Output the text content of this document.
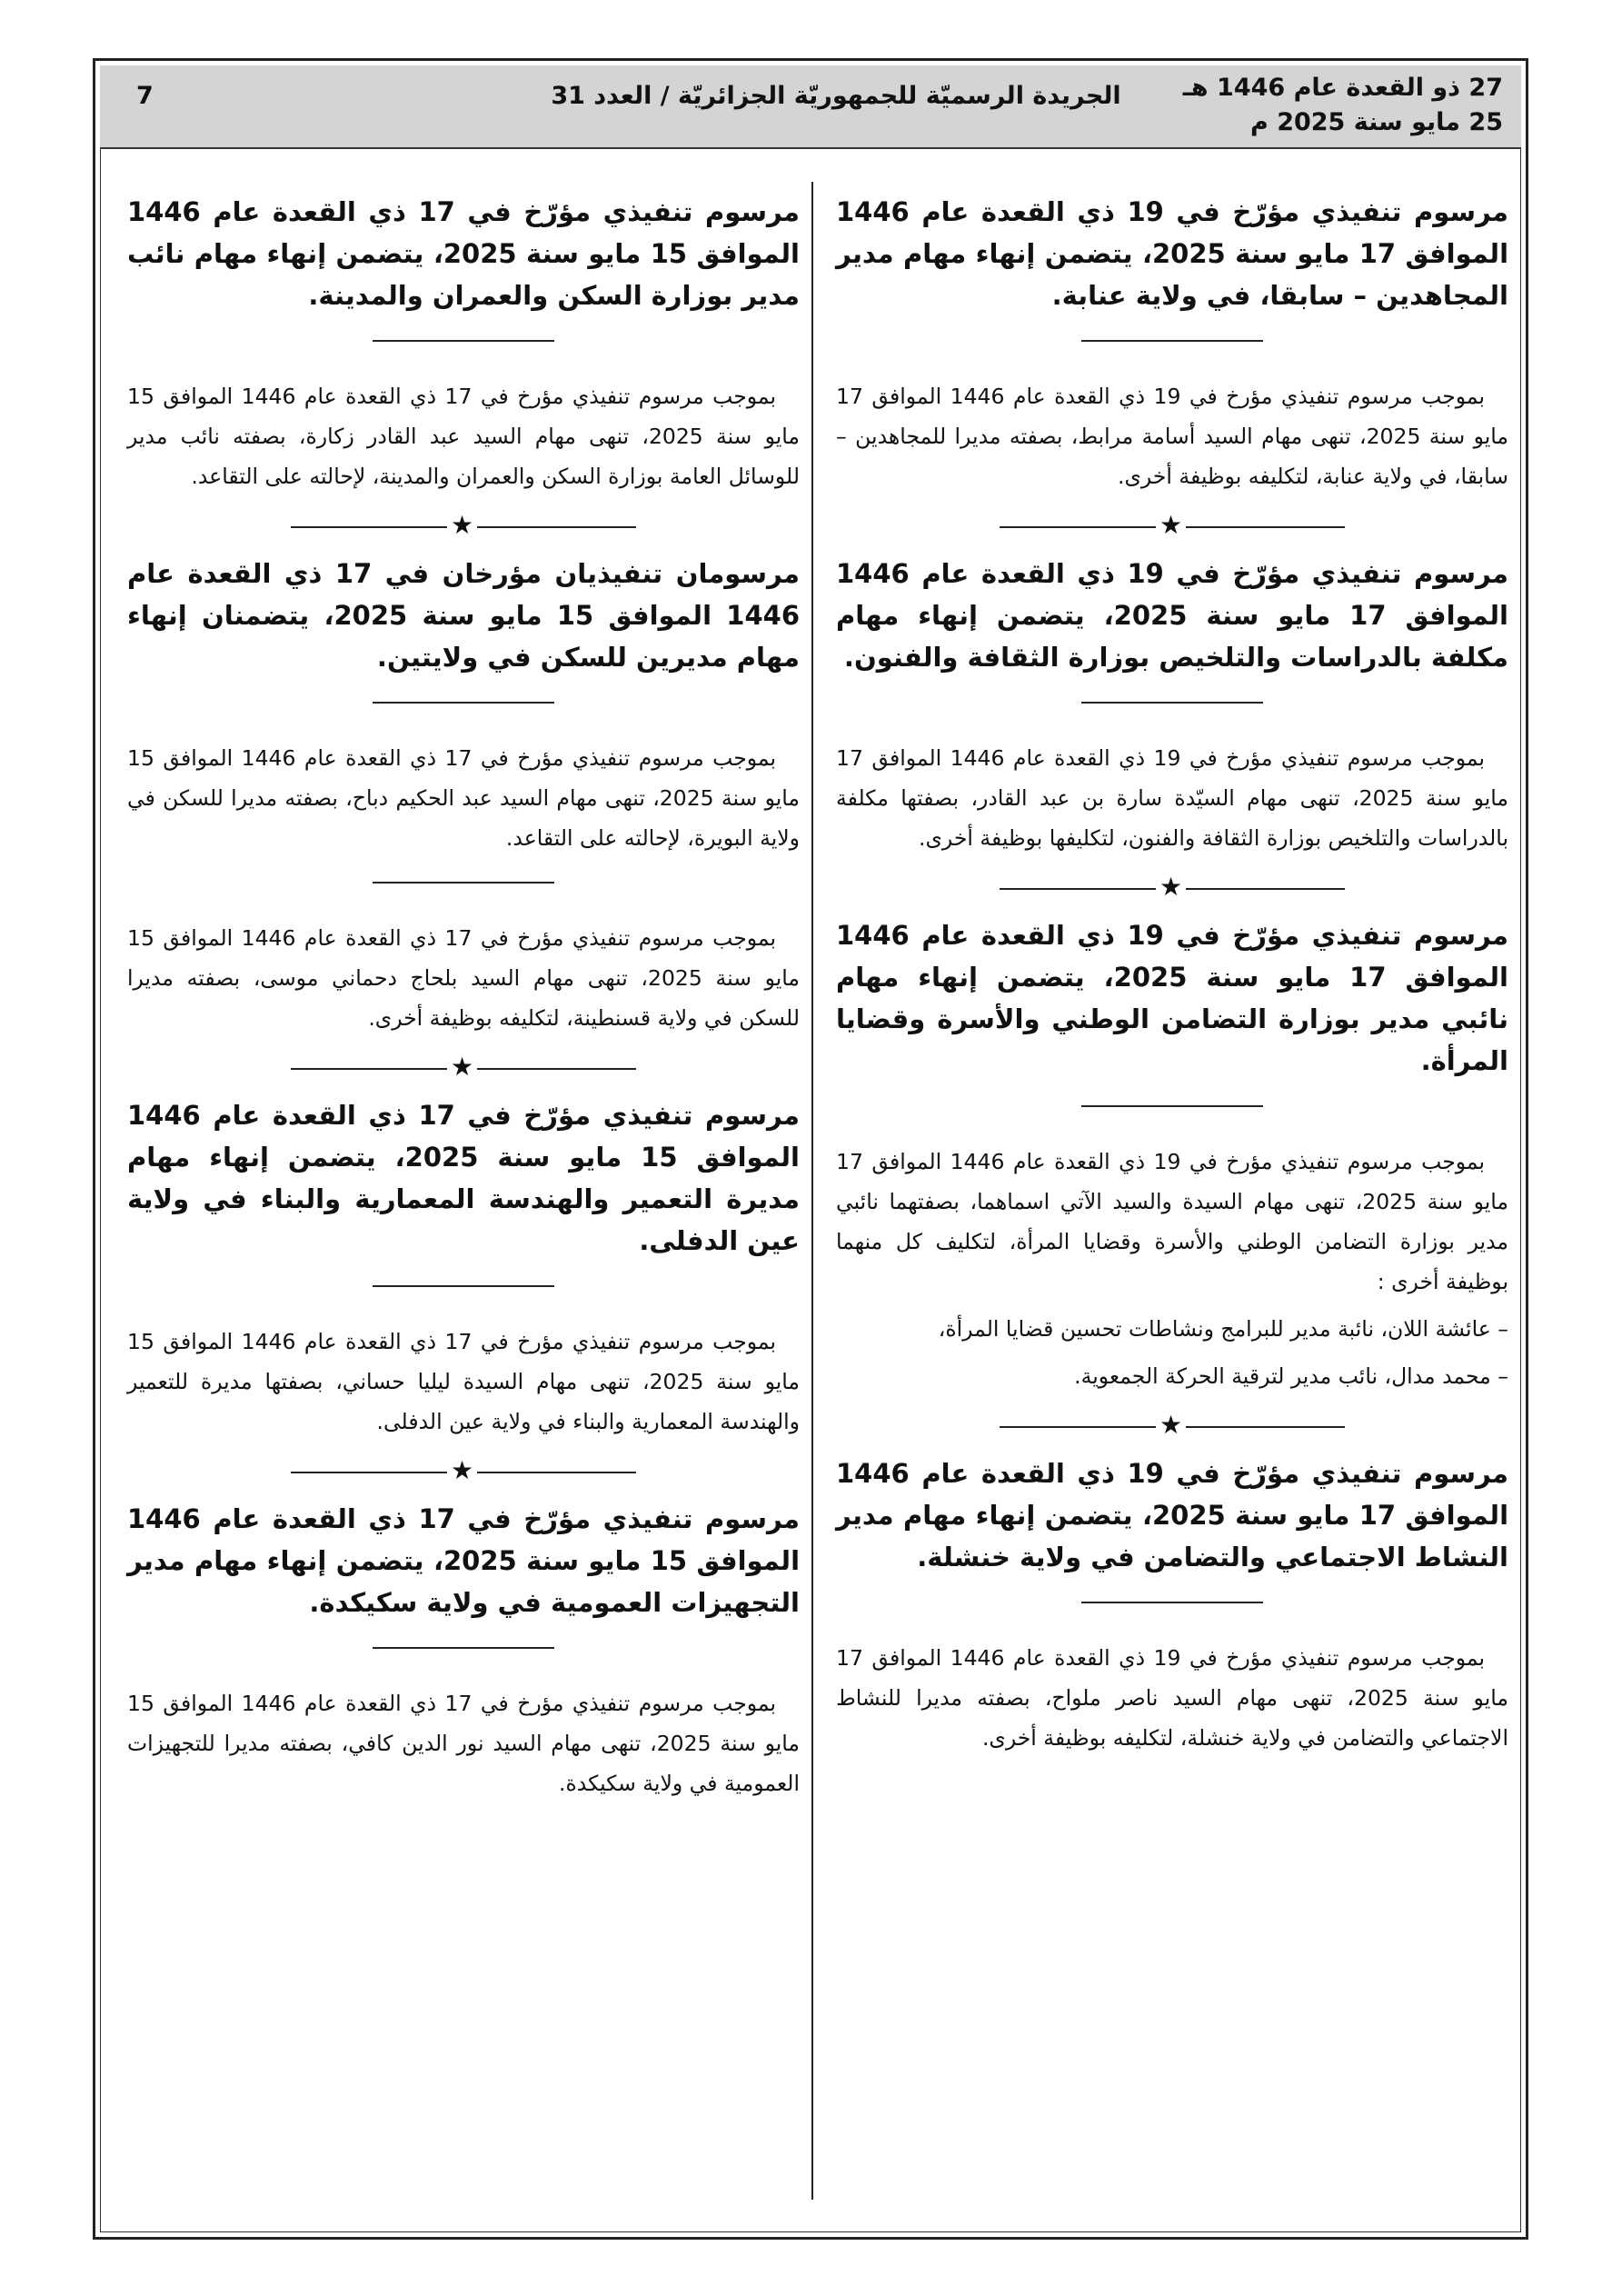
27 ذو القعدة عام 1446 هـ
25 مايو سنة 2025 م
الجريدة الرسميّة للجمهوريّة الجزائريّة / العدد 31
7

مرسوم تنفيذي مؤرّخ في 19 ذي القعدة عام 1446 الموافق 17 مايو سنة 2025، يتضمن إنهاء مهام مدير المجاهدين – سابقا، في ولاية عنابة.

بموجب مرسوم تنفيذي مؤرخ في 19 ذي القعدة عام 1446 الموافق 17 مايو سنة 2025، تنهى مهام السيد أسامة مرابط، بصفته مديرا للمجاهدين – سابقا، في ولاية عنابة، لتكليفه بوظيفة أخرى.

★

مرسوم تنفيذي مؤرّخ في 19 ذي القعدة عام 1446 الموافق 17 مايو سنة 2025، يتضمن إنهاء مهام مكلفة بالدراسات والتلخيص بوزارة الثقافة والفنون.

بموجب مرسوم تنفيذي مؤرخ في 19 ذي القعدة عام 1446 الموافق 17 مايو سنة 2025، تنهى مهام السيّدة سارة بن عبد القادر، بصفتها مكلفة بالدراسات والتلخيص بوزارة الثقافة والفنون، لتكليفها بوظيفة أخرى.

★

مرسوم تنفيذي مؤرّخ في 19 ذي القعدة عام 1446 الموافق 17 مايو سنة 2025، يتضمن إنهاء مهام نائبي مدير بوزارة التضامن الوطني والأسرة وقضايا المرأة.

بموجب مرسوم تنفيذي مؤرخ في 19 ذي القعدة عام 1446 الموافق 17 مايو سنة 2025، تنهى مهام السيدة والسيد الآتي اسماهما، بصفتهما نائبي مدير بوزارة التضامن الوطني والأسرة وقضايا المرأة، لتكليف كل منهما بوظيفة أخرى :

– عائشة اللان، نائبة مدير للبرامج ونشاطات تحسين قضايا المرأة،

– محمد مدال، نائب مدير لترقية الحركة الجمعوية.

★

مرسوم تنفيذي مؤرّخ في 19 ذي القعدة عام 1446 الموافق 17 مايو سنة 2025، يتضمن إنهاء مهام مدير النشاط الاجتماعي والتضامن في ولاية خنشلة.

بموجب مرسوم تنفيذي مؤرخ في 19 ذي القعدة عام 1446 الموافق 17 مايو سنة 2025، تنهى مهام السيد ناصر ملواح، بصفته مديرا للنشاط الاجتماعي والتضامن في ولاية خنشلة، لتكليفه بوظيفة أخرى.

مرسوم تنفيذي مؤرّخ في 17 ذي القعدة عام 1446 الموافق 15 مايو سنة 2025، يتضمن إنهاء مهام نائب مدير بوزارة السكن والعمران والمدينة.

بموجب مرسوم تنفيذي مؤرخ في 17 ذي القعدة عام 1446 الموافق 15 مايو سنة 2025، تنهى مهام السيد عبد القادر زكارة، بصفته نائب مدير للوسائل العامة بوزارة السكن والعمران والمدينة، لإحالته على التقاعد.

★

مرسومان تنفيذيان مؤرخان في 17 ذي القعدة عام 1446 الموافق 15 مايو سنة 2025، يتضمنان إنهاء مهام مديرين للسكن في ولايتين.

بموجب مرسوم تنفيذي مؤرخ في 17 ذي القعدة عام 1446 الموافق 15 مايو سنة 2025، تنهى مهام السيد عبد الحكيم دباح، بصفته مديرا للسكن في ولاية البويرة، لإحالته على التقاعد.

بموجب مرسوم تنفيذي مؤرخ في 17 ذي القعدة عام 1446 الموافق 15 مايو سنة 2025، تنهى مهام السيد بلحاج دحماني موسى، بصفته مديرا للسكن في ولاية قسنطينة، لتكليفه بوظيفة أخرى.

★

مرسوم تنفيذي مؤرّخ في 17 ذي القعدة عام 1446 الموافق 15 مايو سنة 2025، يتضمن إنهاء مهام مديرة التعمير والهندسة المعمارية والبناء في ولاية عين الدفلى.

بموجب مرسوم تنفيذي مؤرخ في 17 ذي القعدة عام 1446 الموافق 15 مايو سنة 2025، تنهى مهام السيدة ليليا حساني، بصفتها مديرة للتعمير والهندسة المعمارية والبناء في ولاية عين الدفلى.

★

مرسوم تنفيذي مؤرّخ في 17 ذي القعدة عام 1446 الموافق 15 مايو سنة 2025، يتضمن إنهاء مهام مدير التجهيزات العمومية في ولاية سكيكدة.

بموجب مرسوم تنفيذي مؤرخ في 17 ذي القعدة عام 1446 الموافق 15 مايو سنة 2025، تنهى مهام السيد نور الدين كافي، بصفته مديرا للتجهيزات العمومية في ولاية سكيكدة.
